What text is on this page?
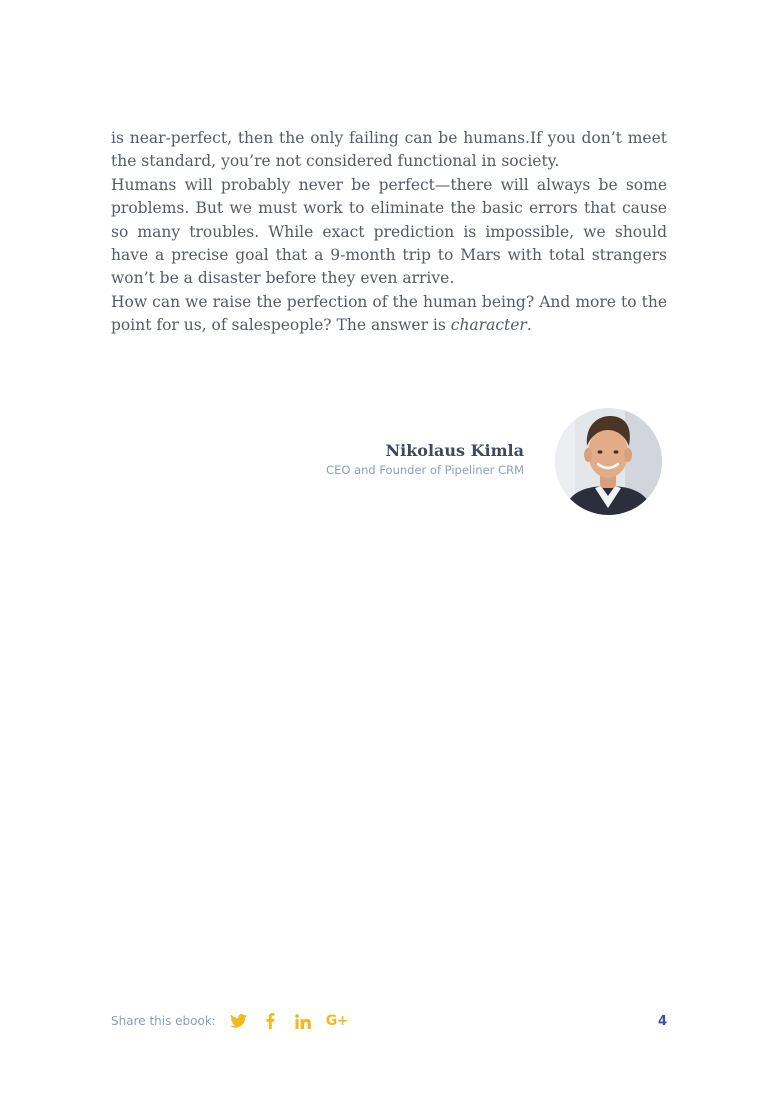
is near-perfect, then the only failing can be humans.If you don’t meet the standard, you’re not considered functional in society.

Humans will probably never be perfect—there will always be some problems. But we must work to eliminate the basic errors that cause so many troubles. While exact prediction is impossible, we should have a precise goal that a 9-month trip to Mars with total strangers won’t be a disaster before they even arrive.

How can we raise the perfection of the human being? And more to the point for us, of salespeople? The answer is character.

Nikolaus Kimla
CEO and Founder of Pipeliner CRM
Share this ebook:	G+	4
